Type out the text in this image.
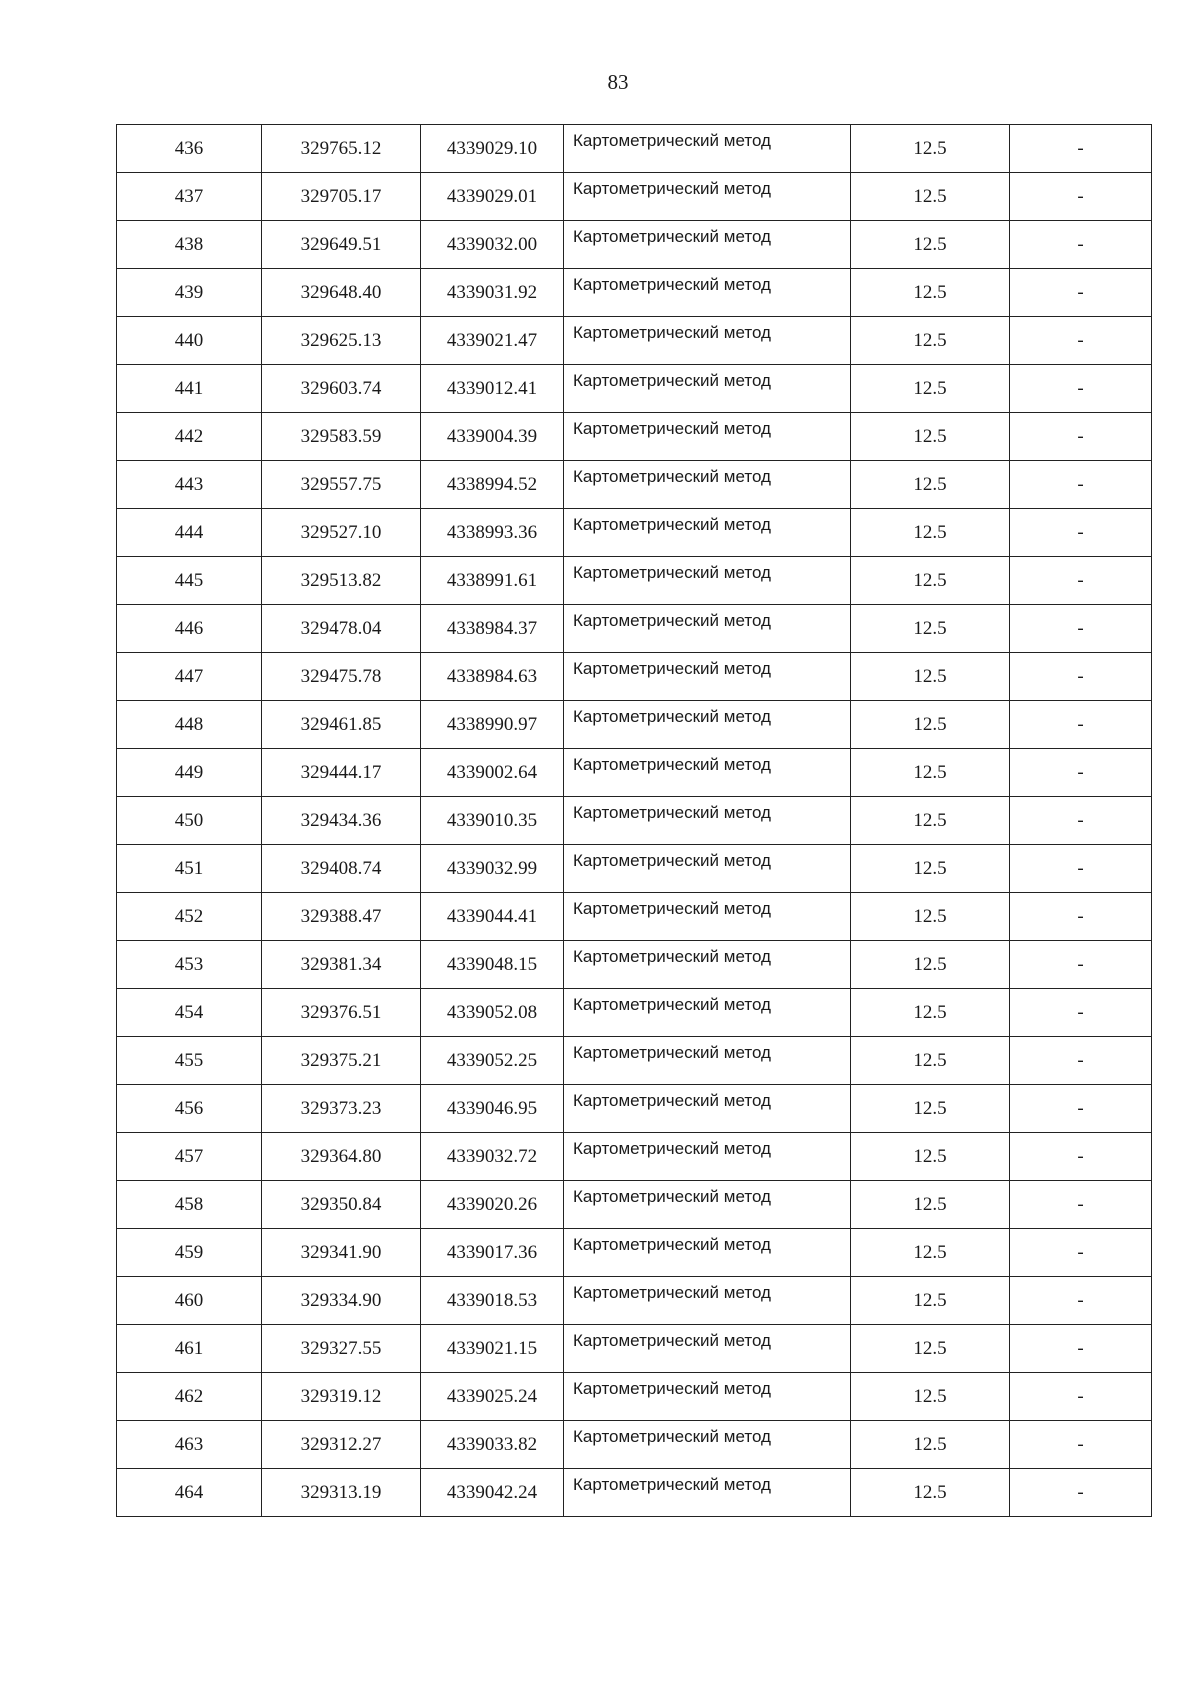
83
436	329765.12	4339029.10	Картометрический метод	12.5	-
437	329705.17	4339029.01	Картометрический метод	12.5	-
438	329649.51	4339032.00	Картометрический метод	12.5	-
439	329648.40	4339031.92	Картометрический метод	12.5	-
440	329625.13	4339021.47	Картометрический метод	12.5	-
441	329603.74	4339012.41	Картометрический метод	12.5	-
442	329583.59	4339004.39	Картометрический метод	12.5	-
443	329557.75	4338994.52	Картометрический метод	12.5	-
444	329527.10	4338993.36	Картометрический метод	12.5	-
445	329513.82	4338991.61	Картометрический метод	12.5	-
446	329478.04	4338984.37	Картометрический метод	12.5	-
447	329475.78	4338984.63	Картометрический метод	12.5	-
448	329461.85	4338990.97	Картометрический метод	12.5	-
449	329444.17	4339002.64	Картометрический метод	12.5	-
450	329434.36	4339010.35	Картометрический метод	12.5	-
451	329408.74	4339032.99	Картометрический метод	12.5	-
452	329388.47	4339044.41	Картометрический метод	12.5	-
453	329381.34	4339048.15	Картометрический метод	12.5	-
454	329376.51	4339052.08	Картометрический метод	12.5	-
455	329375.21	4339052.25	Картометрический метод	12.5	-
456	329373.23	4339046.95	Картометрический метод	12.5	-
457	329364.80	4339032.72	Картометрический метод	12.5	-
458	329350.84	4339020.26	Картометрический метод	12.5	-
459	329341.90	4339017.36	Картометрический метод	12.5	-
460	329334.90	4339018.53	Картометрический метод	12.5	-
461	329327.55	4339021.15	Картометрический метод	12.5	-
462	329319.12	4339025.24	Картометрический метод	12.5	-
463	329312.27	4339033.82	Картометрический метод	12.5	-
464	329313.19	4339042.24	Картометрический метод	12.5	-
